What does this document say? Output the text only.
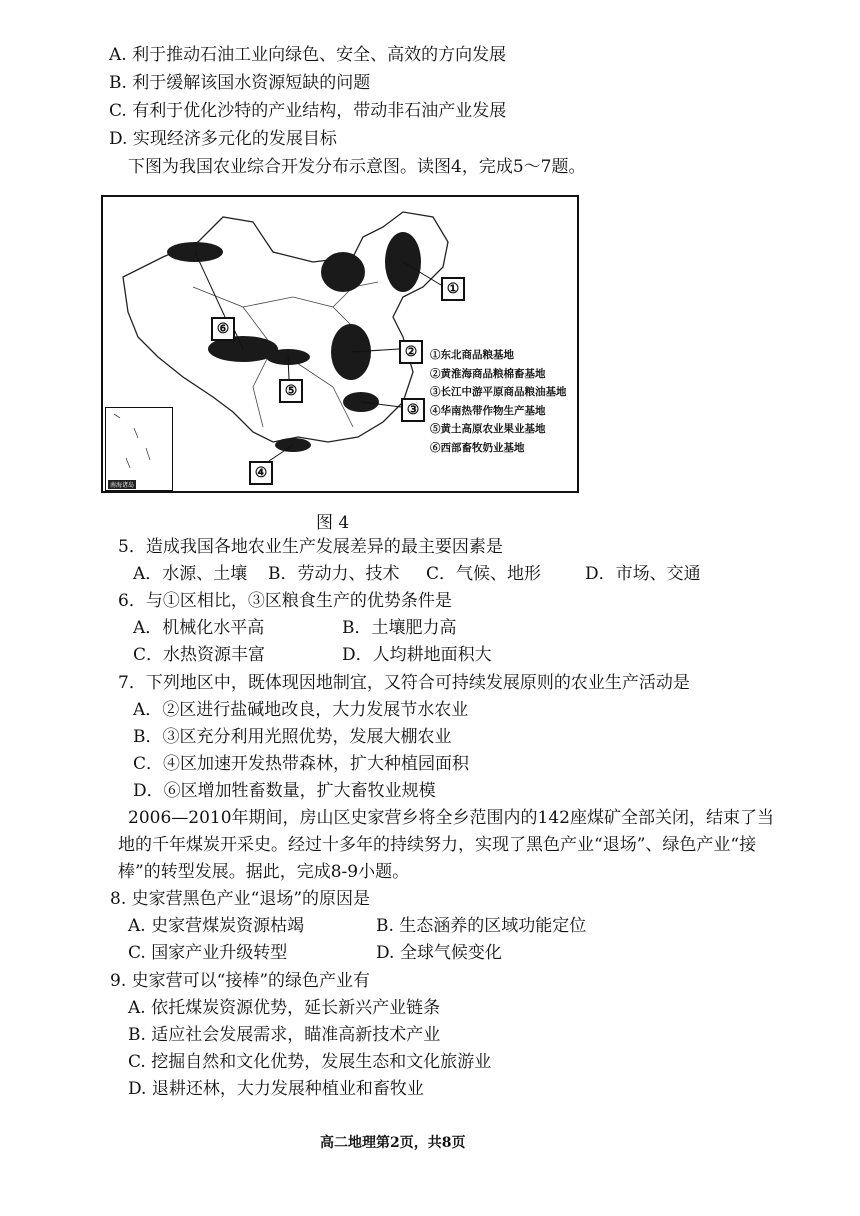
A. 利于推动石油工业向绿色、安全、高效的方向发展
B. 利于缓解该国水资源短缺的问题
C. 有利于优化沙特的产业结构，带动非石油产业发展
D. 实现经济多元化的发展目标
下图为我国农业综合开发分布示意图。读图4，完成5～7题。
①
②
③
④
⑤
⑥
①东北商品粮基地
②黄淮海商品粮棉畜基地
③长江中游平原商品粮油基地
④华南热带作物生产基地
⑤黄土高原农业果业基地
⑥西部畜牧奶业基地
南海诸岛
图 4
5．造成我国各地农业生产发展差异的最主要因素是
A．水源、土壤 B．劳动力、技术 C．气候、地形	D．市场、交通
6．与①区相比，③区粮食生产的优势条件是
A．机械化水平高	B．土壤肥力高
C．水热资源丰富	D．人均耕地面积大
7．下列地区中，既体现因地制宜，又符合可持续发展原则的农业生产活动是
A．②区进行盐碱地改良，大力发展节水农业
B．③区充分利用光照优势，发展大棚农业
C．④区加速开发热带森林，扩大种植园面积
D．⑥区增加牲畜数量，扩大畜牧业规模
2006—2010年期间，房山区史家营乡将全乡范围内的142座煤矿全部关闭，结束了当
地的千年煤炭开采史。经过十多年的持续努力，实现了黑色产业“退场”、绿色产业“接
棒”的转型发展。据此，完成8-9小题。
8. 史家营黑色产业“退场”的原因是
A. 史家营煤炭资源枯竭	B. 生态涵养的区域功能定位
C. 国家产业升级转型	D. 全球气候变化
9. 史家营可以“接棒”的绿色产业有
A. 依托煤炭资源优势，延长新兴产业链条
B. 适应社会发展需求，瞄准高新技术产业
C. 挖掘自然和文化优势，发展生态和文化旅游业
D. 退耕还林，大力发展种植业和畜牧业
高二地理第2页，共8页
